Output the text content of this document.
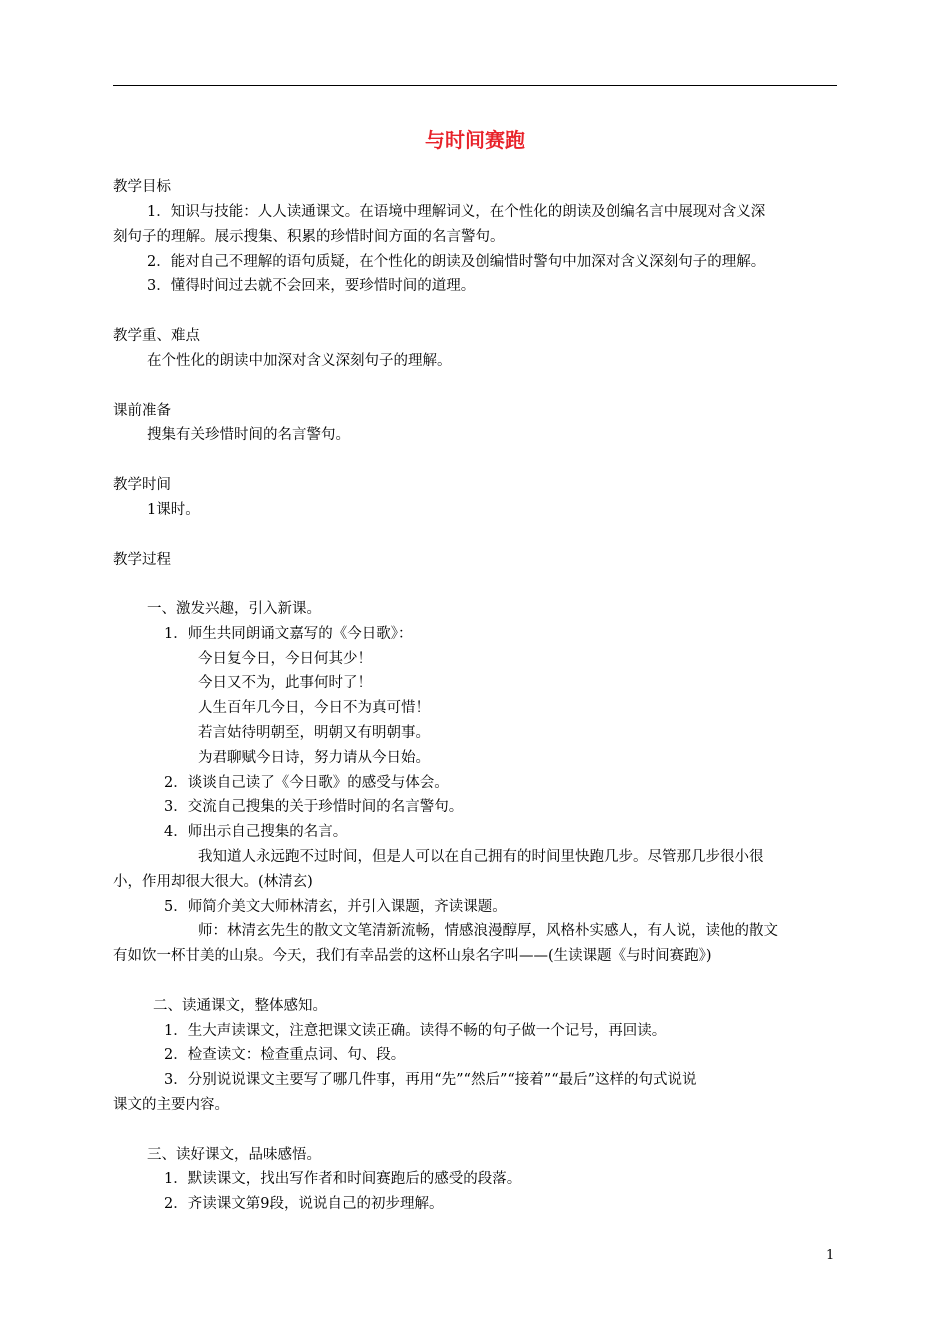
与时间赛跑
教学目标
1．知识与技能：人人读通课文。在语境中理解词义，在个性化的朗读及创编名言中展现对含义深
刻句子的理解。展示搜集、积累的珍惜时间方面的名言警句。
2．能对自己不理解的语句质疑，在个性化的朗读及创编惜时警句中加深对含义深刻句子的理解。
3．懂得时间过去就不会回来，要珍惜时间的道理。
教学重、难点
在个性化的朗读中加深对含义深刻句子的理解。
课前准备
搜集有关珍惜时间的名言警句。
教学时间
1课时。
教学过程
一、激发兴趣，引入新课。
1．师生共同朗诵文嘉写的《今日歌》：
今日复今日，今日何其少！
今日又不为，此事何时了！
人生百年几今日，今日不为真可惜！
若言姑待明朝至，明朝又有明朝事。
为君聊赋今日诗，努力请从今日始。
2．谈谈自己读了《今日歌》的感受与体会。
3．交流自己搜集的关于珍惜时间的名言警句。
4．师出示自己搜集的名言。
我知道人永远跑不过时间，但是人可以在自己拥有的时间里快跑几步。尽管那几步很小很
小，作用却很大很大。(林清玄)
5．师简介美文大师林清玄，并引入课题，齐读课题。
师：林清玄先生的散文文笔清新流畅，情感浪漫醇厚，风格朴实感人，有人说，读他的散文
有如饮一杯甘美的山泉。今天，我们有幸品尝的这杯山泉名字叫——(生读课题《与时间赛跑》)
二、读通课文，整体感知。
1．生大声读课文，注意把课文读正确。读得不畅的句子做一个记号，再回读。
2．检查读文：检查重点词、句、段。
3．分别说说课文主要写了哪几件事，再用“先”“然后”“接着”“最后”这样的句式说说
课文的主要内容。
三、读好课文，品味感悟。
1．默读课文，找出写作者和时间赛跑后的感受的段落。
2．齐读课文第9段，说说自己的初步理解。
1
